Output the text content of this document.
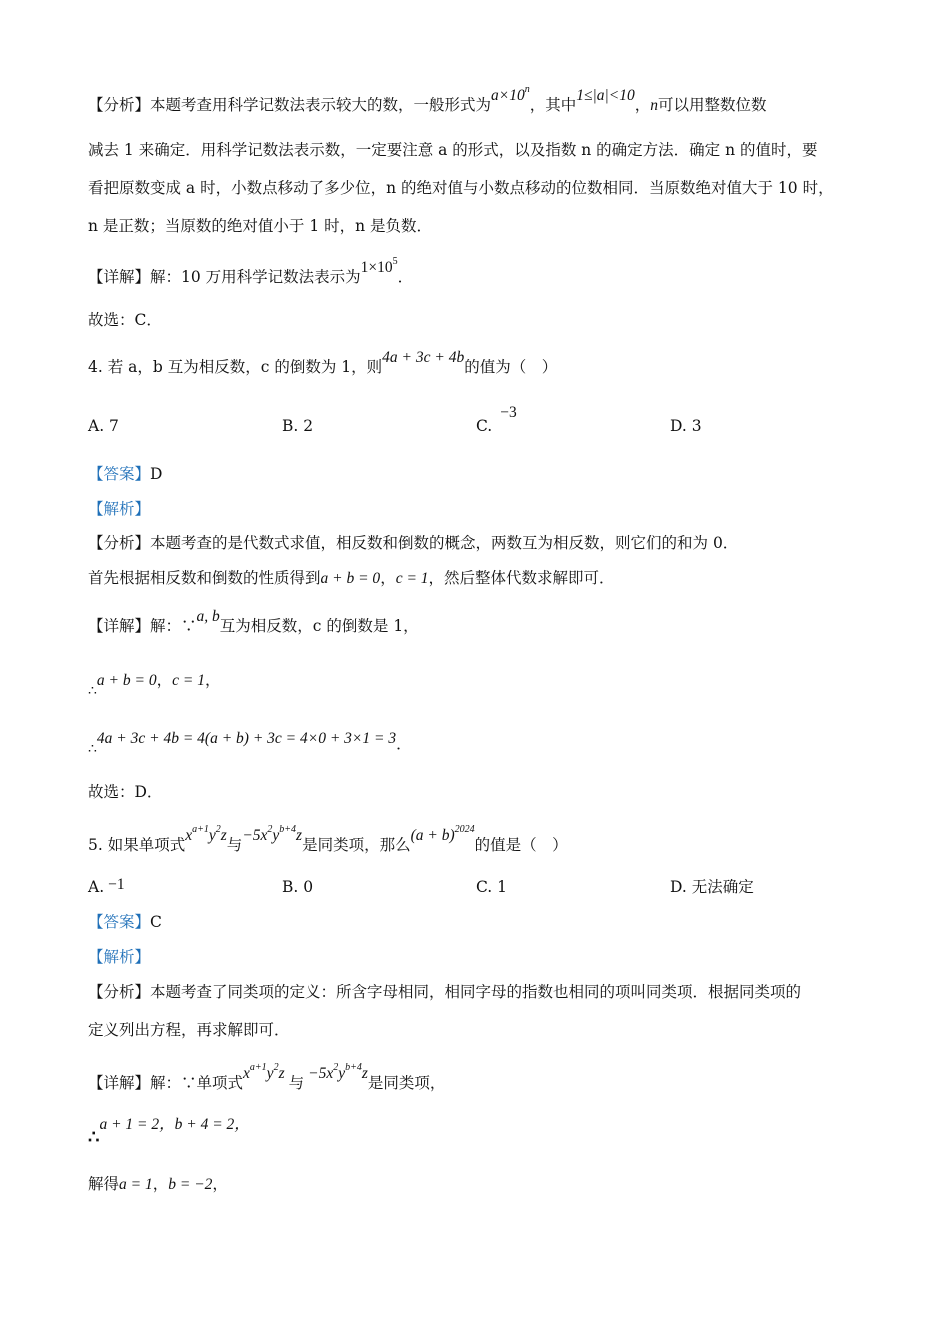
【分析】本题考查用科学记数法表示较大的数，一般形式为$a\times 10^n$，其中1≤|a|<10，n可以用整数位数
减去 1 来确定．用科学记数法表示数，一定要注意 a 的形式，以及指数 n 的确定方法．确定 n 的值时，要
看把原数变成 a 时，小数点移动了多少位，n 的绝对值与小数点移动的位数相同．当原数绝对值大于 10 时，
n 是正数；当原数的绝对值小于 1 时，n 是负数．
【详解】解：10 万用科学记数法表示为$1\times 10^5$．
故选：C．
4. 若 a，b 互为相反数，c 的倒数为 1，则4a + 3c + 4b的值为（　）
A. 7	B. 2	C.−3
D. 3
【答案】D
【解析】
【分析】本题考查的是代数式求值，相反数和倒数的概念，两数互为相反数，则它们的和为 0．
首先根据相反数和倒数的性质得到a + b = 0，c = 1，然后整体代数求解即可．
【详解】解：∵a, b互为相反数，c 的倒数是 1，
∴a + b = 0，c = 1，
∴4a + 3c + 4b = 4(a + b) + 3c = 4×0 + 3×1 = 3．
故选：D．
5. 如果单项式$x^{a+1}y^2z$与$-5x^2y^{b+4}z$是同类项，那么$(a + b)^{2024}$的值是（　）
A. −1	B. 0	C. 1	D. 无法确定
【答案】C
【解析】
【分析】本题考查了同类项的定义：所含字母相同，相同字母的指数也相同的项叫同类项．根据同类项的
定义列出方程，再求解即可．
【详解】解：∵单项式$x^{a+1}y^2z$与$-5x^2y^{b+4}z$是同类项，
∴a + 1 = 2，b + 4 = 2，
解得a = 1，b = −2，
